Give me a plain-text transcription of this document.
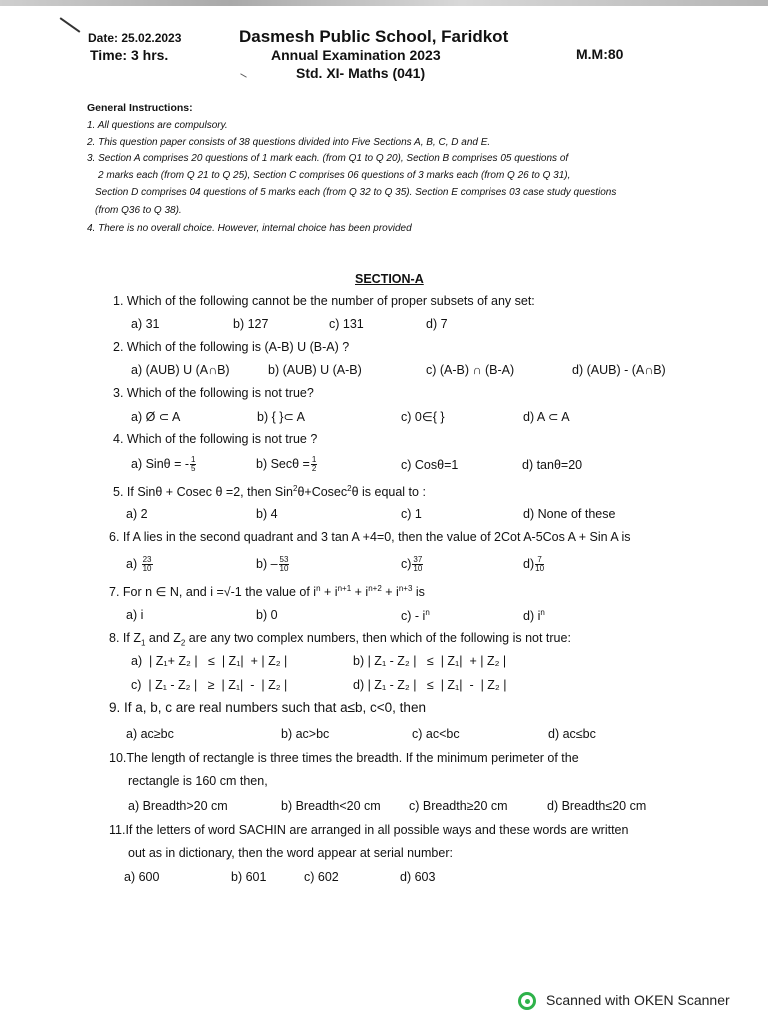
Date: 25.02.2023
Time: 3 hrs.
Dasmesh Public School, Faridkot
Annual Examination 2023
Std. XI- Maths (041)
M.M:80
General Instructions:
1. All questions are compulsory.
2. This question paper consists of 38 questions divided into Five Sections A, B, C, D and E.
3. Section A comprises 20 questions of 1 mark each. (from Q1 to Q 20), Section B comprises 05 questions of
2 marks each (from Q 21 to Q 25), Section C comprises 06 questions of 3 marks each (from Q 26 to Q 31),
Section D comprises 04 questions of 5 marks each (from Q 32 to Q 35). Section E comprises 03 case study questions
(from Q36 to Q 38).
4. There is no overall choice. However, internal choice has been provided
SECTION-A
1. Which of the following cannot be the number of proper subsets of any set:
a) 31	b) 127	c) 131	d) 7
2. Which of the following is (A-B) U (B-A) ?
a) (AUB) U (A∩B)	b) (AUB) U (A-B)	c) (A-B) ∩ (B-A)	d) (AUB) - (A∩B)
3. Which of the following is not true?
a) Ø ⊂ A	b) { }⊂ A	c) 0∈{ }	d) A ⊂ A
4. Which of the following is not true ?
a) Sinθ = - $\frac{1}{5}$	b) $Sec\theta = \frac{1}{2}$	c) Cosθ=1	d) tanθ=20
5. If Sinθ + Cosec θ =2, then Sin$^2$θ+Cosec$^2$θ is equal to :
a) 2	b) 4	c) 1	d) None of these
6. If A lies in the second quadrant and 3 tan A +4=0, then the value of 2Cot A-5Cos A + Sin A is
$a) \frac{23}{10}$	$b) - \frac{53}{10}$	$c) \frac{37}{10}$	$d) \frac{7}{10}$
7. For n ∈ N, and i =√-1 the value of $i^n + i^{n+1} + i^{n+2} + i^{n+3}$ is
a) i	b) 0	$c) - i^n$	d) $i^n$
8. If $Z_1$ and $Z_2$ are any two complex numbers, then which of the following is not true:
a)  | Z₁+ Z₂ |   ≤  | Z₁|  + | Z₂ |	b) | Z₁ - Z₂ |   ≤  | Z₁|  + | Z₂ |
c)  | Z₁ - Z₂ |   ≥  | Z₁|  -  | Z₂ |	d) | Z₁ - Z₂ |   ≤  | Z₁|  -  | Z₂ |
9. If a, b, c are real numbers such that a≤b, c<0, then
a) ac≥bc	b) ac>bc	c) ac<bc	d) ac≤bc
10.The length of rectangle is three times the breadth. If the minimum perimeter of the
rectangle is 160 cm then,
a) Breadth>20 cm	b) Breadth<20 cm c) Breadth≥20 cm	d) Breadth≤20 cm
11.If the letters of word SACHIN are arranged in all possible ways and these words are written
out as in dictionary, then the word appear at serial number:
a) 600	b) 601	c) 602	d) 603
Scanned with OKEN Scanner
